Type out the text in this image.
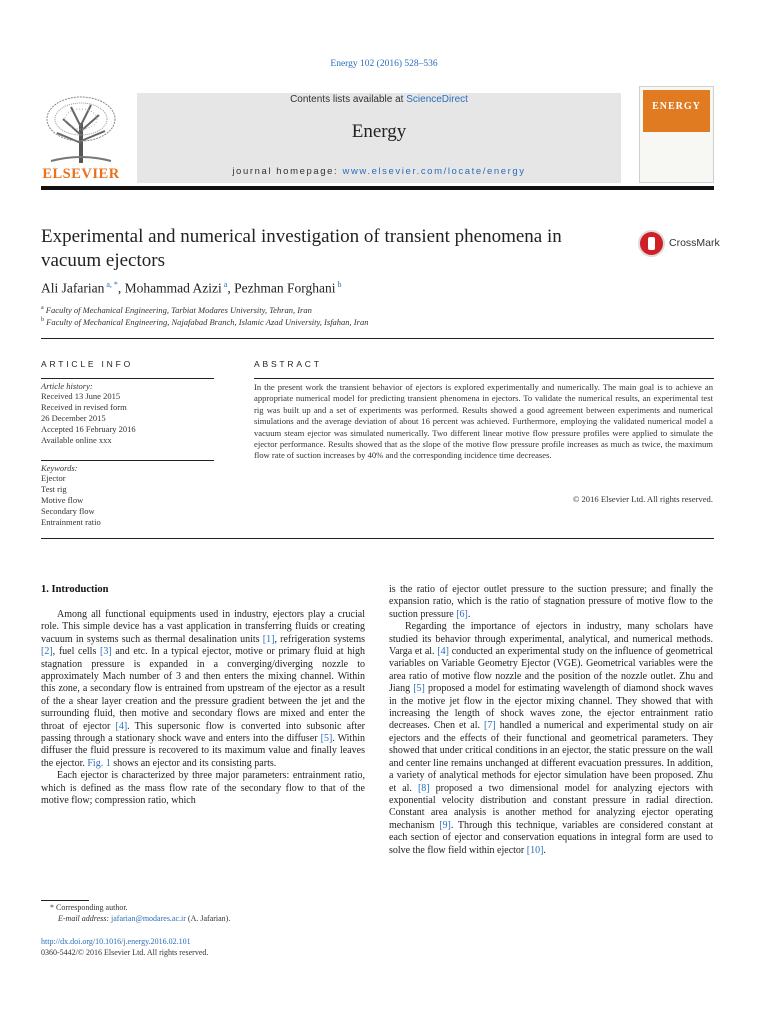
Energy 102 (2016) 528–536
ELSEVIER
Contents lists available at ScienceDirect
Energy
journal homepage: www.elsevier.com/locate/energy
ENERGY
Experimental and numerical investigation of transient phenomena in vacuum ejectors
CrossMark
Ali Jafarian $^{a, *}$, Mohammad Azizi $^a$, Pezhman Forghani $^b$
$^a$ Faculty of Mechanical Engineering, Tarbiat Modares University, Tehran, Iran
$^b$ Faculty of Mechanical Engineering, Najafabad Branch, Islamic Azad University, Isfahan, Iran
ARTICLE INFO
Article history:
Received 13 June 2015
Received in revised form
26 December 2015
Accepted 16 February 2016
Available online xxx
Keywords:
Ejector
Test rig
Motive flow
Secondary flow
Entrainment ratio
ABSTRACT

In the present work the transient behavior of ejectors is explored experimentally and numerically. The main goal is to achieve an appropriate numerical model for predicting transient phenomena in ejectors. To validate the numerical results, an experimental test rig was built up and a set of experiments was performed. Results showed a good agreement between experiments and numerical simulations and the average deviation of about 16 percent was achieved. Furthermore, employing the validated numerical model a vacuum steam ejector was simulated numerically. Two different linear motive flow pressure profiles were applied to simulate the ejector performance. Results showed that as the slope of the motive flow pressure profile increases as much as twice, the maximum flow rate of suction increases by 40% and the corresponding incidence time decreases.

© 2016 Elsevier Ltd. All rights reserved.
1. Introduction

Among all functional equipments used in industry, ejectors play a crucial role. This simple device has a vast application in transferring fluids or creating vacuum in systems such as thermal desalination units [1], refrigeration systems [2], fuel cells [3] and etc. In a typical ejector, motive or primary fluid at high stagnation pressure is expanded in a converging/diverging nozzle to approximately Mach number of 3 and then enters the mixing channel. Within this zone, a secondary flow is entrained from upstream of the ejector as a result of the a shear layer creation and the pressure gradient between the jet and the surrounding fluid, then motive and secondary flows are mixed and enter the throat of ejector [4]. This supersonic flow is converted into subsonic after passing through a stationary shock wave and enters into the diffuser [5]. Within diffuser the fluid pressure is recovered to its maximum value and finally leaves the ejector. Fig. 1 shows an ejector and its consisting parts.

Each ejector is characterized by three major parameters: entrainment ratio, which is defined as the mass flow rate of the secondary flow to that of the motive flow; compression ratio, which

is the ratio of ejector outlet pressure to the suction pressure; and finally the expansion ratio, which is the ratio of stagnation pressure of motive flow to the suction pressure [6].

Regarding the importance of ejectors in industry, many scholars have studied its behavior through experimental, analytical, and numerical methods. Varga et al. [4] conducted an experimental study on the influence of geometrical variables on Variable Geometry Ejector (VGE). Geometrical variables were the area ratio of motive flow nozzle and the position of the nozzle outlet. Zhu and Jiang [5] proposed a model for estimating wavelength of diamond shock waves in the motive jet flow in the ejector mixing channel. They showed that with increasing the length of shock waves zone, the ejector entrainment ratio decreases. Chen et al. [7] handled a numerical and experimental study on air ejectors and the effects of their functional and geometrical parameters. They showed that under critical conditions in an ejector, the static pressure on the wall and center line remains unchanged at different evacuation pressures. In addition, a variety of analytical methods for ejector simulation have been proposed. Zhu et al. [8] proposed a two dimensional model for analyzing ejectors with exponential velocity distribution and constant pressure in radial direction. Constant area analysis is another method for analyzing ejector operating mechanism [9]. Through this technique, variables are considered constant at each section of ejector and conservation equations in integral form are used to solve the flow field within ejector [10].

* Corresponding author.
E-mail address: jafarian@modares.ac.ir (A. Jafarian).
http://dx.doi.org/10.1016/j.energy.2016.02.101
0360-5442/© 2016 Elsevier Ltd. All rights reserved.
